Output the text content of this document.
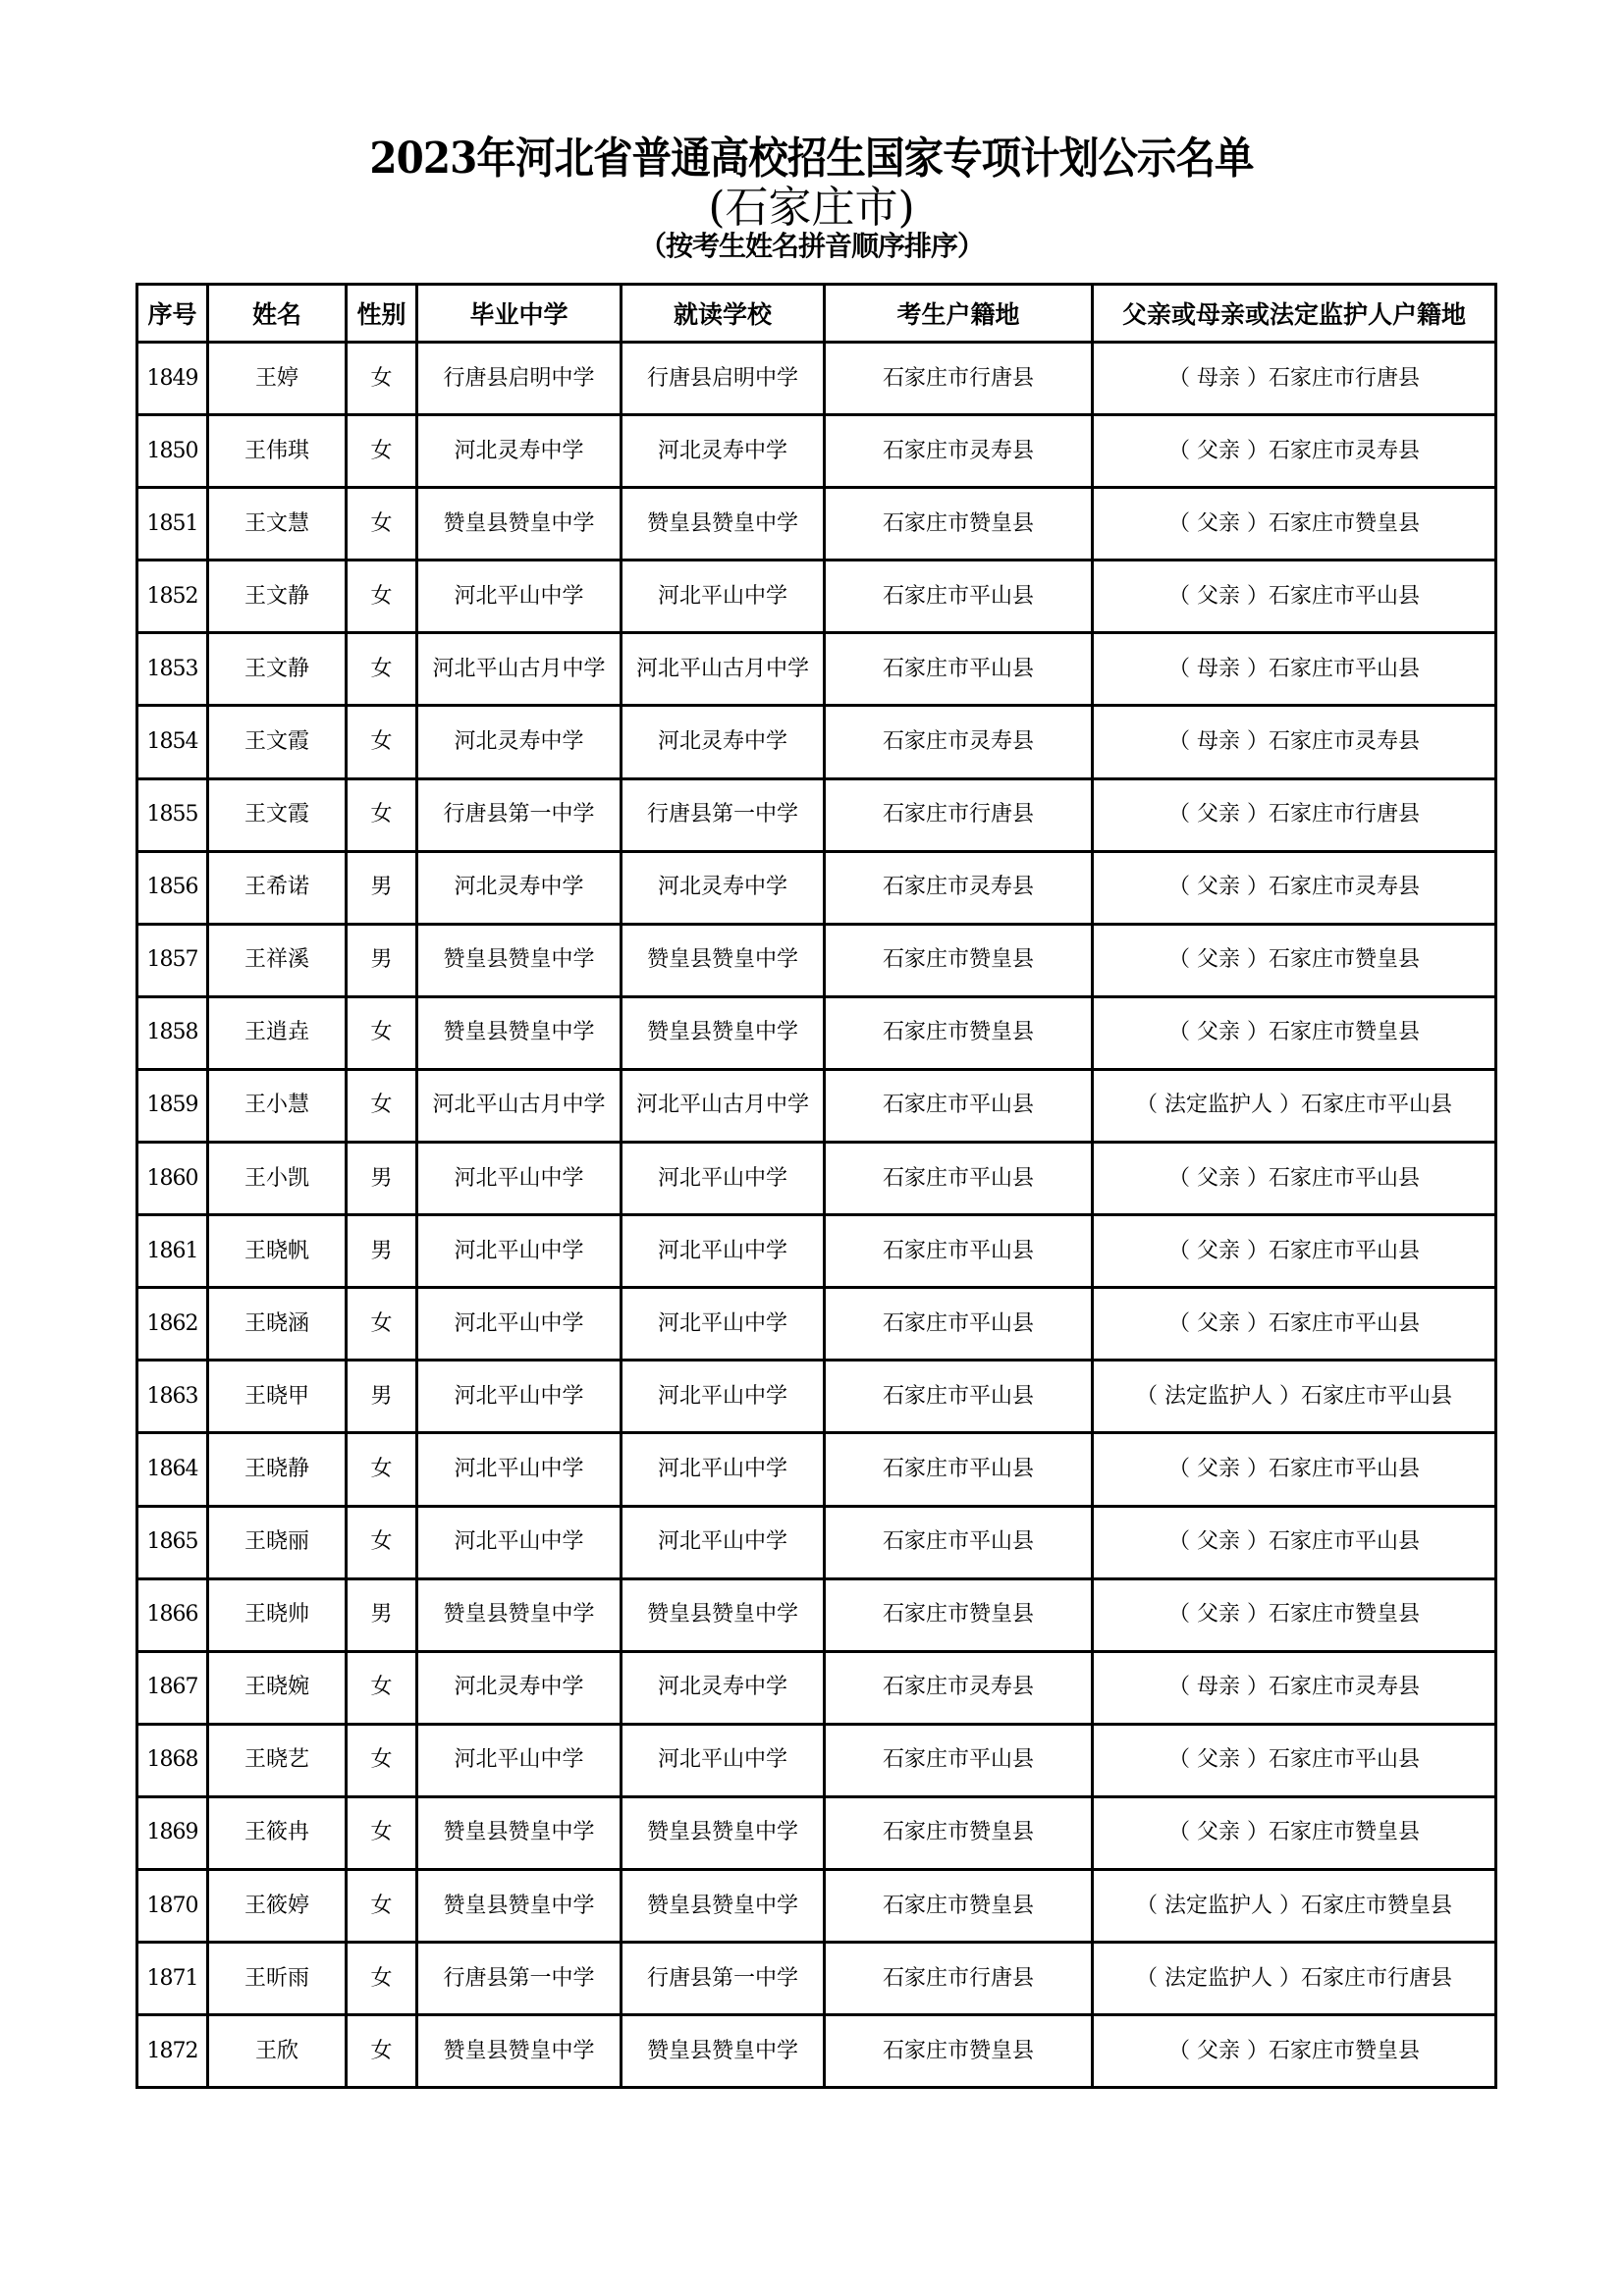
2023年河北省普通高校招生国家专项计划公示名单
(石家庄市)
（按考生姓名拼音顺序排序）
序号	姓名	性别	毕业中学	就读学校	考生户籍地	父亲或母亲或法定监护人户籍地
1849	王婷	女	行唐县启明中学	行唐县启明中学	石家庄市行唐县	（ 母亲 ）石家庄市行唐县
1850	王伟琪	女	河北灵寿中学	河北灵寿中学	石家庄市灵寿县	（ 父亲 ）石家庄市灵寿县
1851	王文慧	女	赞皇县赞皇中学	赞皇县赞皇中学	石家庄市赞皇县	（ 父亲 ）石家庄市赞皇县
1852	王文静	女	河北平山中学	河北平山中学	石家庄市平山县	（ 父亲 ）石家庄市平山县
1853	王文静	女	河北平山古月中学	河北平山古月中学	石家庄市平山县	（ 母亲 ）石家庄市平山县
1854	王文霞	女	河北灵寿中学	河北灵寿中学	石家庄市灵寿县	（ 母亲 ）石家庄市灵寿县
1855	王文霞	女	行唐县第一中学	行唐县第一中学	石家庄市行唐县	（ 父亲 ）石家庄市行唐县
1856	王希诺	男	河北灵寿中学	河北灵寿中学	石家庄市灵寿县	（ 父亲 ）石家庄市灵寿县
1857	王祥溪	男	赞皇县赞皇中学	赞皇县赞皇中学	石家庄市赞皇县	（ 父亲 ）石家庄市赞皇县
1858	王逍垚	女	赞皇县赞皇中学	赞皇县赞皇中学	石家庄市赞皇县	（ 父亲 ）石家庄市赞皇县
1859	王小慧	女	河北平山古月中学	河北平山古月中学	石家庄市平山县	（ 法定监护人 ）石家庄市平山县
1860	王小凯	男	河北平山中学	河北平山中学	石家庄市平山县	（ 父亲 ）石家庄市平山县
1861	王晓帆	男	河北平山中学	河北平山中学	石家庄市平山县	（ 父亲 ）石家庄市平山县
1862	王晓涵	女	河北平山中学	河北平山中学	石家庄市平山县	（ 父亲 ）石家庄市平山县
1863	王晓甲	男	河北平山中学	河北平山中学	石家庄市平山县	（ 法定监护人 ）石家庄市平山县
1864	王晓静	女	河北平山中学	河北平山中学	石家庄市平山县	（ 父亲 ）石家庄市平山县
1865	王晓丽	女	河北平山中学	河北平山中学	石家庄市平山县	（ 父亲 ）石家庄市平山县
1866	王晓帅	男	赞皇县赞皇中学	赞皇县赞皇中学	石家庄市赞皇县	（ 父亲 ）石家庄市赞皇县
1867	王晓婉	女	河北灵寿中学	河北灵寿中学	石家庄市灵寿县	（ 母亲 ）石家庄市灵寿县
1868	王晓艺	女	河北平山中学	河北平山中学	石家庄市平山县	（ 父亲 ）石家庄市平山县
1869	王筱冉	女	赞皇县赞皇中学	赞皇县赞皇中学	石家庄市赞皇县	（ 父亲 ）石家庄市赞皇县
1870	王筱婷	女	赞皇县赞皇中学	赞皇县赞皇中学	石家庄市赞皇县	（ 法定监护人 ）石家庄市赞皇县
1871	王昕雨	女	行唐县第一中学	行唐县第一中学	石家庄市行唐县	（ 法定监护人 ）石家庄市行唐县
1872	王欣	女	赞皇县赞皇中学	赞皇县赞皇中学	石家庄市赞皇县	（ 父亲 ）石家庄市赞皇县
